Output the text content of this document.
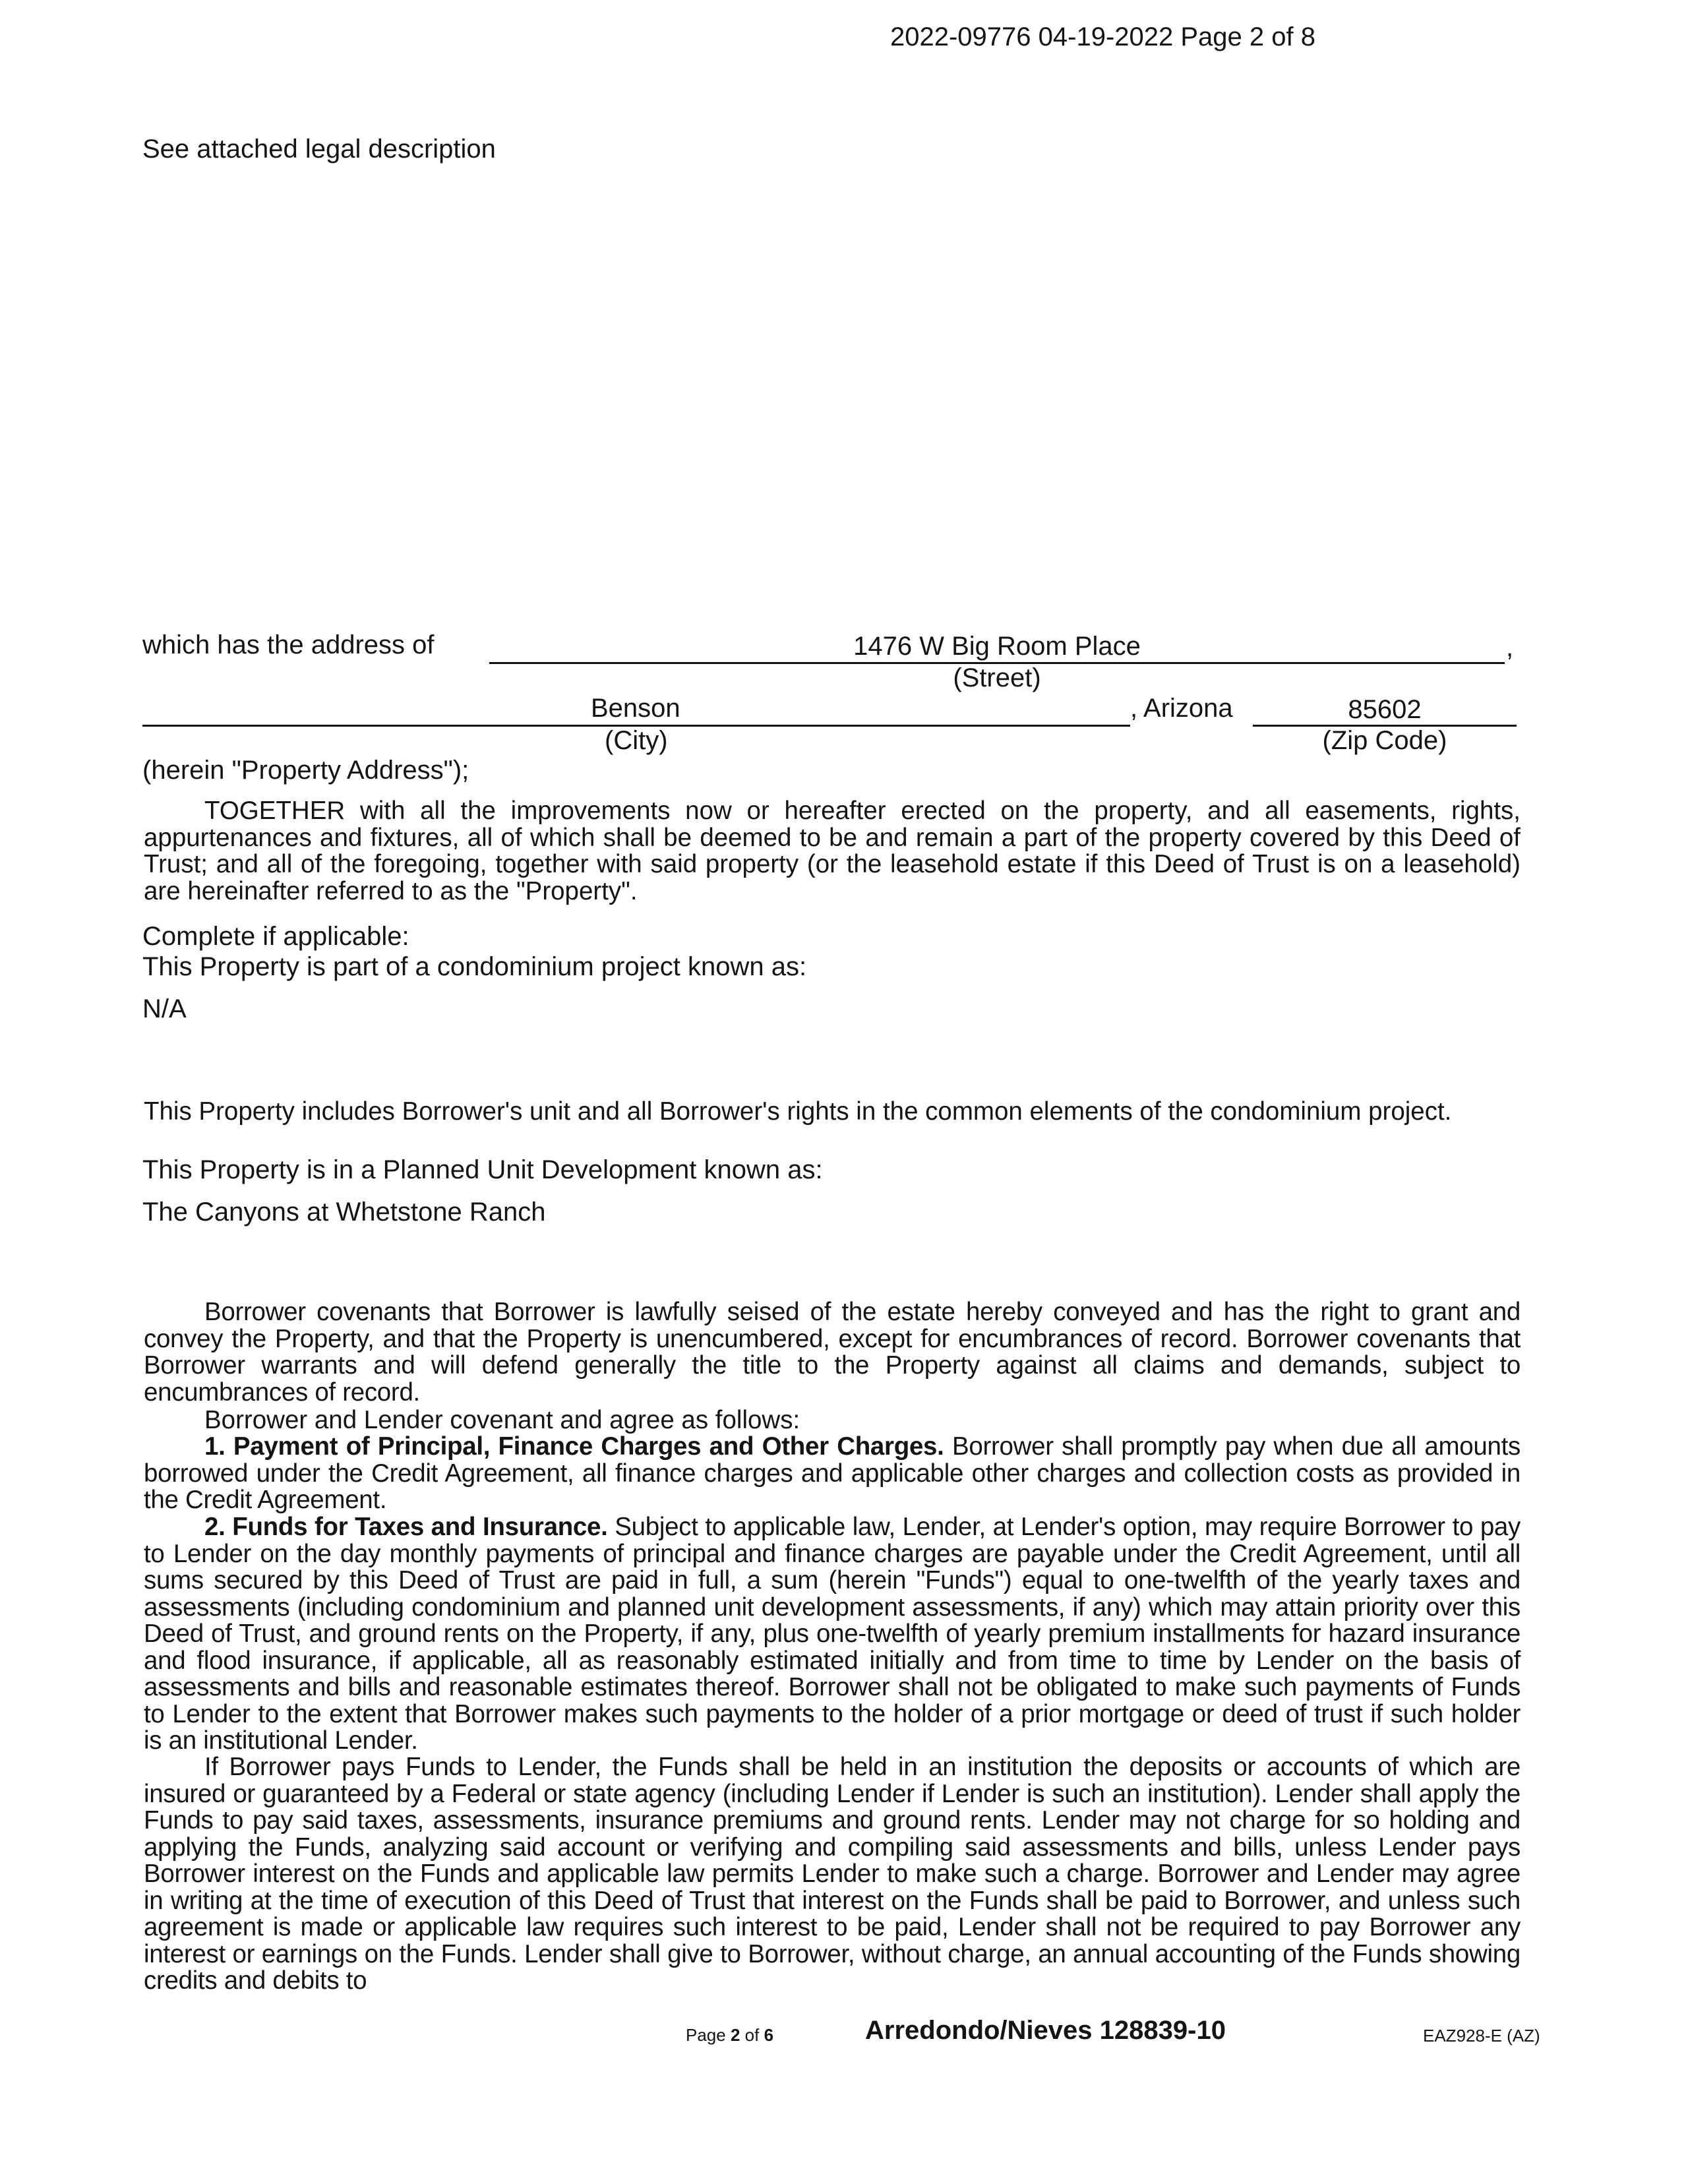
2022-09776 04-19-2022 Page 2 of 8
See attached legal description
which has the address of	1476 W Big Room Place	,
(Street)
Benson
(City)
, Arizona	85602
(Zip Code)
(herein "Property Address");

TOGETHER with all the improvements now or hereafter erected on the property, and all easements, rights, appurtenances and fixtures, all of which shall be deemed to be and remain a part of the property covered by this Deed of Trust; and all of the foregoing, together with said property (or the leasehold estate if this Deed of Trust is on a leasehold) are hereinafter referred to as the "Property".

Complete if applicable:
This Property is part of a condominium project known as:
N/A

This Property includes Borrower's unit and all Borrower's rights in the common elements of the condominium project.

This Property is in a Planned Unit Development known as:
The Canyons at Whetstone Ranch

Borrower covenants that Borrower is lawfully seised of the estate hereby conveyed and has the right to grant and convey the Property, and that the Property is unencumbered, except for encumbrances of record. Borrower covenants that Borrower warrants and will defend generally the title to the Property against all claims and demands, subject to encumbrances of record.

Borrower and Lender covenant and agree as follows:

1. Payment of Principal, Finance Charges and Other Charges. Borrower shall promptly pay when due all amounts borrowed under the Credit Agreement, all finance charges and applicable other charges and collection costs as provided in the Credit Agreement.

2. Funds for Taxes and Insurance. Subject to applicable law, Lender, at Lender's option, may require Borrower to pay to Lender on the day monthly payments of principal and finance charges are payable under the Credit Agreement, until all sums secured by this Deed of Trust are paid in full, a sum (herein "Funds") equal to one-twelfth of the yearly taxes and assessments (including condominium and planned unit development assessments, if any) which may attain priority over this Deed of Trust, and ground rents on the Property, if any, plus one-twelfth of yearly premium installments for hazard insurance and flood insurance, if applicable, all as reasonably estimated initially and from time to time by Lender on the basis of assessments and bills and reasonable estimates thereof. Borrower shall not be obligated to make such payments of Funds to Lender to the extent that Borrower makes such payments to the holder of a prior mortgage or deed of trust if such holder is an institutional Lender.

If Borrower pays Funds to Lender, the Funds shall be held in an institution the deposits or accounts of which are insured or guaranteed by a Federal or state agency (including Lender if Lender is such an institution). Lender shall apply the Funds to pay said taxes, assessments, insurance premiums and ground rents. Lender may not charge for so holding and applying the Funds, analyzing said account or verifying and compiling said assessments and bills, unless Lender pays Borrower interest on the Funds and applicable law permits Lender to make such a charge. Borrower and Lender may agree in writing at the time of execution of this Deed of Trust that interest on the Funds shall be paid to Borrower, and unless such agreement is made or applicable law requires such interest to be paid, Lender shall not be required to pay Borrower any interest or earnings on the Funds. Lender shall give to Borrower, without charge, an annual accounting of the Funds showing credits and debits to

Page 2 of 6	Arredondo/Nieves 128839-10	EAZ928-E (AZ)
